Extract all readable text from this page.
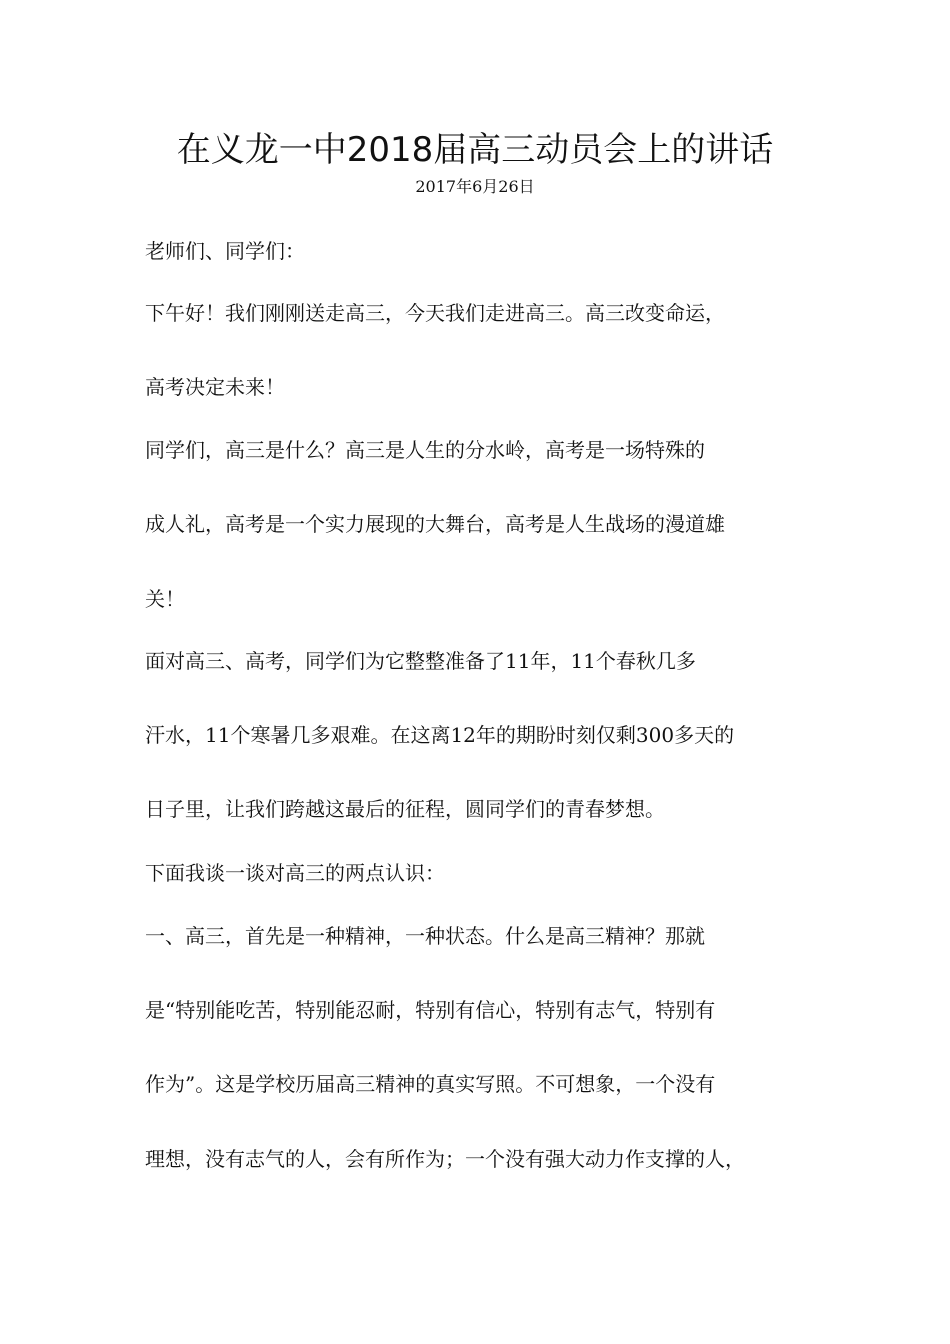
在义龙一中2018届高三动员会上的讲话
2017年6月26日
老师们、同学们：
下午好！我们刚刚送走高三，今天我们走进高三。高三改变命运，
高考决定未来！
同学们，高三是什么？高三是人生的分水岭，高考是一场特殊的
成人礼，高考是一个实力展现的大舞台，高考是人生战场的漫道雄
关！
面对高三、高考，同学们为它整整准备了11年，11个春秋几多
汗水，11个寒暑几多艰难。在这离12年的期盼时刻仅剩300多天的
日子里，让我们跨越这最后的征程，圆同学们的青春梦想。
下面我谈一谈对高三的两点认识：
一、高三，首先是一种精神，一种状态。什么是高三精神？那就
是“特别能吃苦，特别能忍耐，特别有信心，特别有志气，特别有
作为”。这是学校历届高三精神的真实写照。不可想象，一个没有
理想，没有志气的人，会有所作为；一个没有强大动力作支撑的人，
